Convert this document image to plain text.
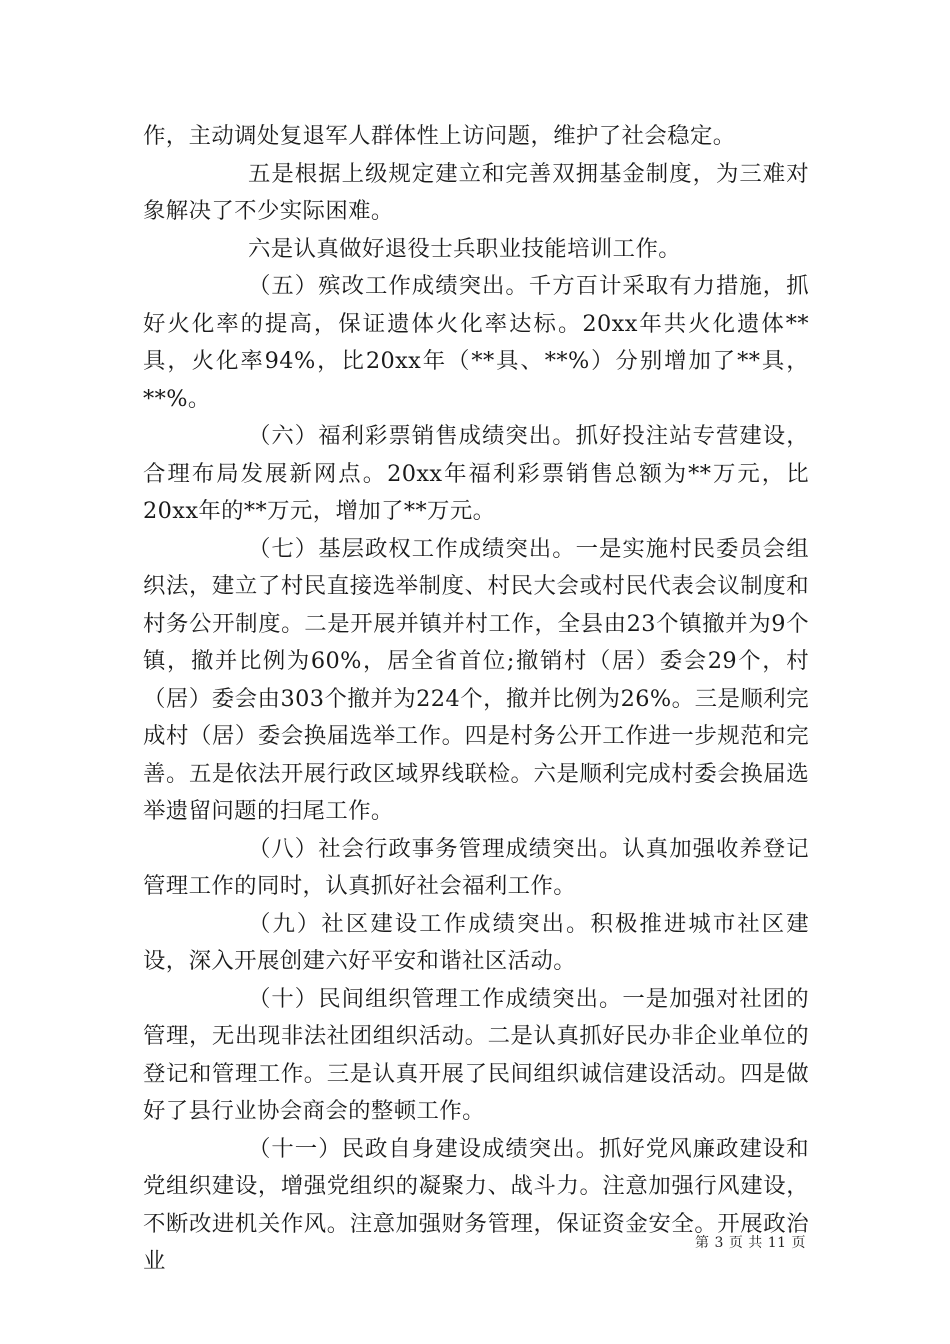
作，主动调处复退军人群体性上访问题，维护了社会稳定。

五是根据上级规定建立和完善双拥基金制度，为三难对象解决了不少实际困难。

六是认真做好退役士兵职业技能培训工作。

（五）殡改工作成绩突出。千方百计采取有力措施，抓好火化率的提高，保证遗体火化率达标。20xx年共火化遗体**具，火化率94%，比20xx年（**具、**%）分别增加了**具，**%。

（六）福利彩票销售成绩突出。抓好投注站专营建设，合理布局发展新网点。20xx年福利彩票销售总额为**万元，比20xx年的**万元，增加了**万元。

（七）基层政权工作成绩突出。一是实施村民委员会组织法，建立了村民直接选举制度、村民大会或村民代表会议制度和村务公开制度。二是开展并镇并村工作，全县由23个镇撤并为9个镇，撤并比例为60%，居全省首位;撤销村（居）委会29个，村（居）委会由303个撤并为224个，撤并比例为26%。三是顺利完成村（居）委会换届选举工作。四是村务公开工作进一步规范和完善。五是依法开展行政区域界线联检。六是顺利完成村委会换届选举遗留问题的扫尾工作。

（八）社会行政事务管理成绩突出。认真加强收养登记管理工作的同时，认真抓好社会福利工作。

（九）社区建设工作成绩突出。积极推进城市社区建设，深入开展创建六好平安和谐社区活动。

（十）民间组织管理工作成绩突出。一是加强对社团的管理，无出现非法社团组织活动。二是认真抓好民办非企业单位的登记和管理工作。三是认真开展了民间组织诚信建设活动。四是做好了县行业协会商会的整顿工作。

（十一）民政自身建设成绩突出。抓好党风廉政建设和党组织建设，增强党组织的凝聚力、战斗力。注意加强行风建设，不断改进机关作风。注意加强财务管理，保证资金安全。开展政治业

第 3 页 共 11 页
